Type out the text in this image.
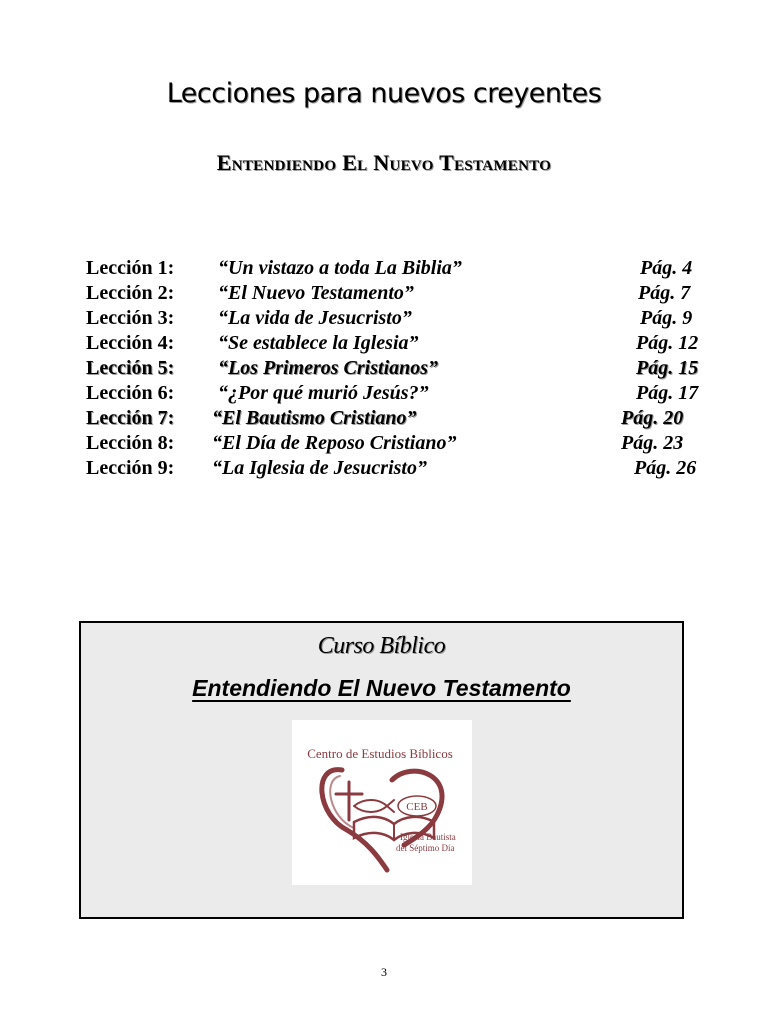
Lecciones para nuevos creyentes
Entendiendo El Nuevo Testamento
Lección 1: “Un vistazo a toda La Biblia”	Pág. 4
Lección 2: “El Nuevo Testamento”	Pág. 7
Lección 3: “La vida de Jesucristo”	Pág. 9
Lección 4: “Se establece la Iglesia”	Pág. 12
Lección 5: “Los Primeros Cristianos”	Pág. 15
Lección 6: “¿Por qué murió Jesús?”	Pág. 17
Lección 7: “El Bautismo Cristiano”	Pág. 20
Lección 8: “El Día de Reposo Cristiano”	Pág. 23
Lección 9: “La Iglesia de Jesucristo”	Pág. 26
Curso Bíblico
Entendiendo El Nuevo Testamento
Centro de Estudios Bíblicos
CEB
Iglesia Bautista
del Séptimo Día
3
